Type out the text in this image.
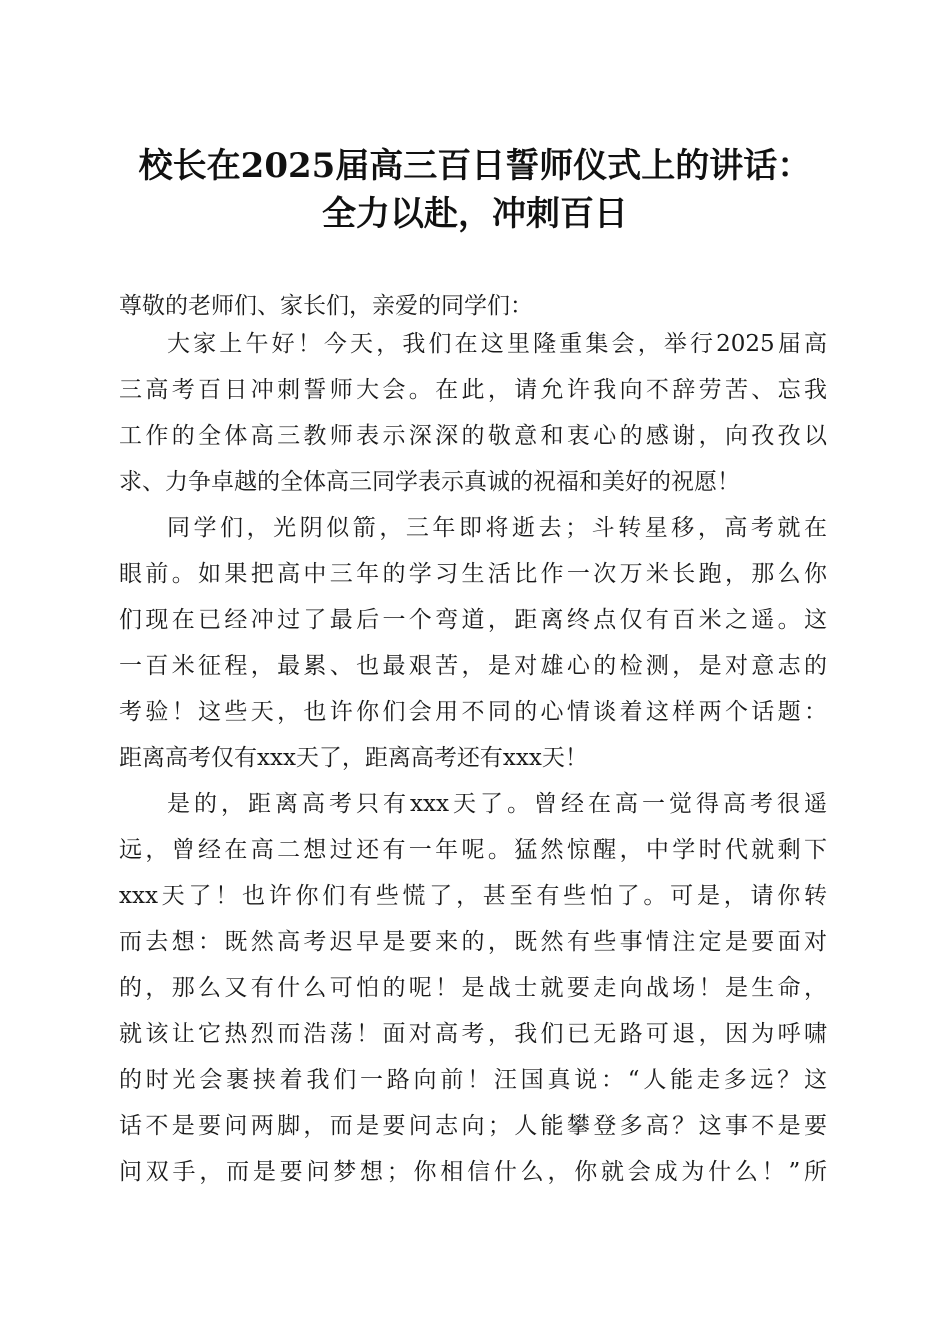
校长在2025届高三百日誓师仪式上的讲话：
全力以赴，冲刺百日
尊敬的老师们、家长们，亲爱的同学们：
大家上午好！今天，我们在这里隆重集会，举行2025届高
三高考百日冲刺誓师大会。在此，请允许我向不辞劳苦、忘我
工作的全体高三教师表示深深的敬意和衷心的感谢，向孜孜以
求、力争卓越的全体高三同学表示真诚的祝福和美好的祝愿！
同学们，光阴似箭，三年即将逝去；斗转星移，高考就在
眼前。如果把高中三年的学习生活比作一次万米长跑，那么你
们现在已经冲过了最后一个弯道，距离终点仅有百米之遥。这
一百米征程，最累、也最艰苦，是对雄心的检测，是对意志的
考验！这些天，也许你们会用不同的心情谈着这样两个话题：
距离高考仅有xxx天了，距离高考还有xxx天！
是的，距离高考只有xxx天了。曾经在高一觉得高考很遥
远，曾经在高二想过还有一年呢。猛然惊醒，中学时代就剩下
xxx天了！也许你们有些慌了，甚至有些怕了。可是，请你转
而去想：既然高考迟早是要来的，既然有些事情注定是要面对
的，那么又有什么可怕的呢！是战士就要走向战场！是生命，
就该让它热烈而浩荡！面对高考，我们已无路可退，因为呼啸
的时光会裹挟着我们一路向前！汪国真说：“人能走多远？这
话不是要问两脚，而是要问志向；人能攀登多高？这事不是要
问双手，而是要问梦想；你相信什么，你就会成为什么！”所
